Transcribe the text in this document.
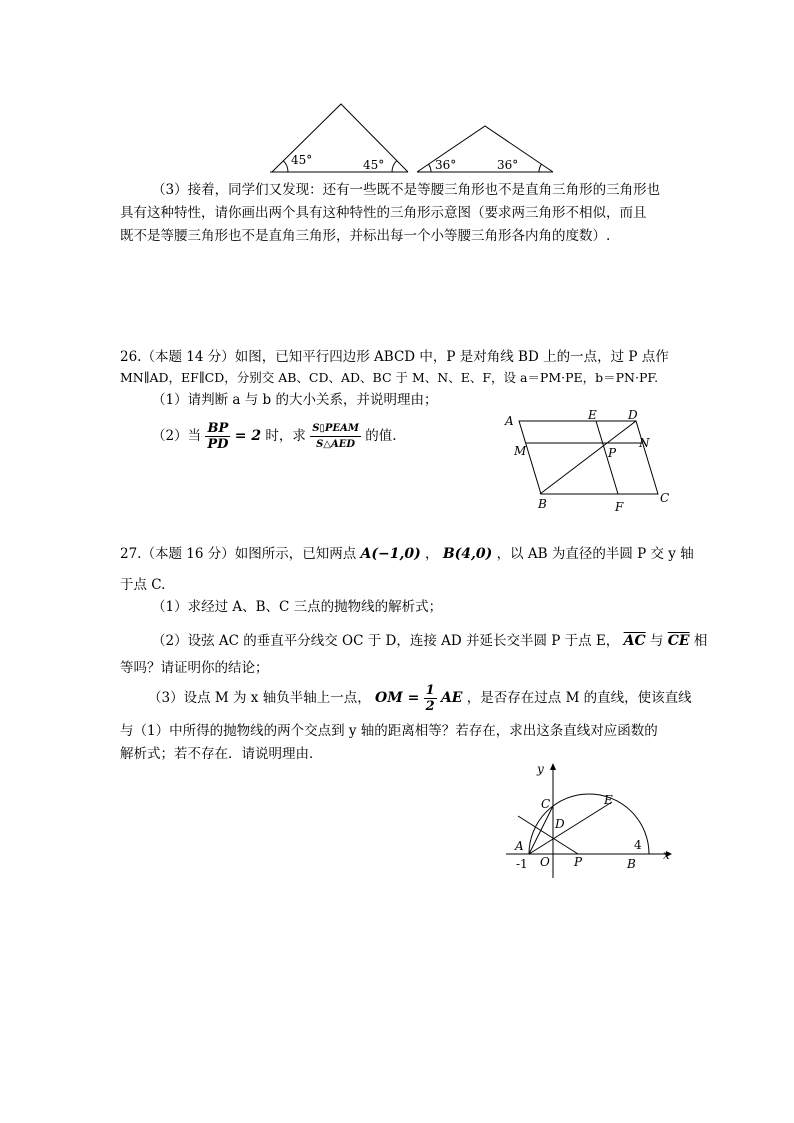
45°	45°	36°	36°
（3）接着，同学们又发现：还有一些既不是等腰三角形也不是直角三角形的三角形也
具有这种特性，请你画出两个具有这种特性的三角形示意图（要求两三角形不相似，而且
既不是等腰三角形也不是直角三角形，并标出每一个小等腰三角形各内角的度数）.
26.（本题 14 分）如图，已知平行四边形 ABCD 中，P 是对角线 BD 上的一点，过 P 点作
MN∥AD，EF∥CD，分别交 AB、CD、AD、BC 于 M、N、E、F，设 a＝PM·PE，b＝PN·PF.
（1）请判断 a 与 b 的大小关系，并说明理由；
（2）当 $\frac{BP}{PD} = 2$ 时，求 $\frac{\text{S▯PEAM}}{\text{S△AED}}$ 的值.
A	E	D
M
N
P
B	F
C
27.（本题 16 分）如图所示，已知两点 A(−1,0) ， B(4,0) ，以 AB 为直径的半圆 P 交 y 轴
于点 C.
（1）求经过 A、B、C 三点的抛物线的解析式；
（2）设弦 AC 的垂直平分线交 OC 于 D，连接 AD 并延长交半圆 P 于点 E， $\overline{AC}$ 与 $\overline{CE}$ 相
等吗？请证明你的结论；
（3）设点 M 为 x 轴负半轴上一点， OM = $\frac{1}{2}$ AE ，是否存在过点 M 的直线，使该直线
与（1）中所得的抛物线的两个交点到 y 轴的距离相等？若存在，求出这条直线对应函数的
解析式；若不存在．请说明理由．
y
x
C	E
D
A
O P	B
-1
4
